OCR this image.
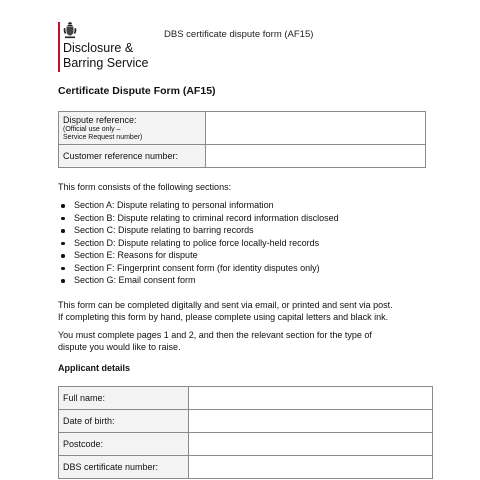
Disclosure &
Barring Service
DBS certificate dispute form (AF15)
Certificate Dispute Form (AF15)
Dispute reference:
(Official use only –
Service Request number)	

Customer reference number:	
This form consists of the following sections:
Section A: Dispute relating to personal information
Section B: Dispute relating to criminal record information disclosed
Section C: Dispute relating to barring records
Section D: Dispute relating to police force locally-held records
Section E: Reasons for dispute
Section F: Fingerprint consent form (for identity disputes only)
Section G: Email consent form
This form can be completed digitally and sent via email, or printed and sent via post.
If completing this form by hand, please complete using capital letters and black ink.
You must complete pages 1 and 2, and then the relevant section for the type of
dispute you would like to raise.
Applicant details
Full name:	
Date of birth:	
Postcode:	
DBS certificate number:	
